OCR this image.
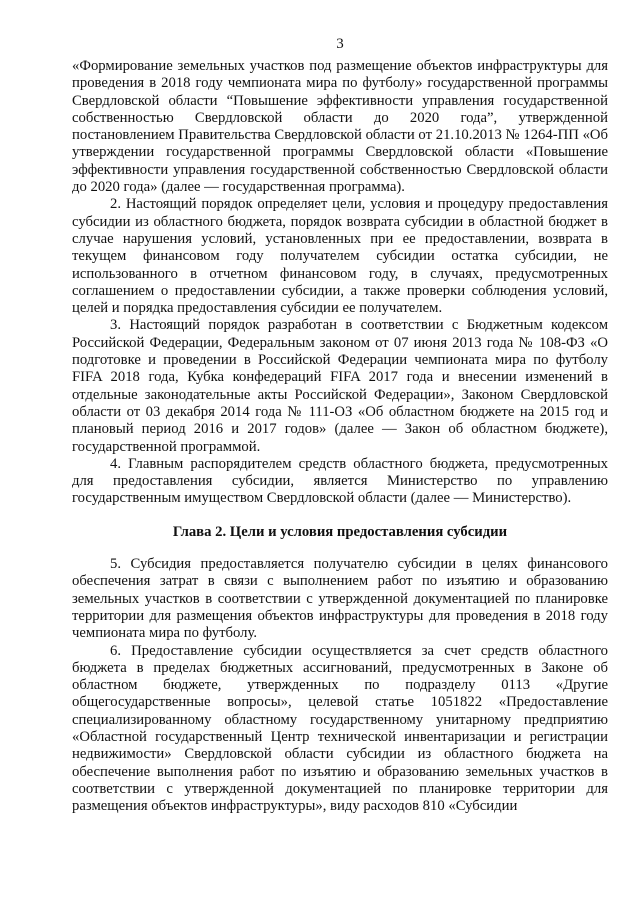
3

«Формирование земельных участков под размещение объектов инфраструктуры для проведения в 2018 году чемпионата мира по футболу» государственной программы Свердловской области “Повышение эффективности управления государственной собственностью Свердловской области до 2020 года”, утвержденной постановлением Правительства Свердловской области от 21.10.2013 № 1264-ПП «Об утверждении государственной программы Свердловской области «Повышение эффективности управления государственной собственностью Свердловской области до 2020 года» (далее — государственная программа).

2. Настоящий порядок определяет цели, условия и процедуру предоставления субсидии из областного бюджета, порядок возврата субсидии в областной бюджет в случае нарушения условий, установленных при ее предоставлении, возврата в текущем финансовом году получателем субсидии остатка субсидии, не использованного в отчетном финансовом году, в случаях, предусмотренных соглашением о предоставлении субсидии, а также проверки соблюдения условий, целей и порядка предоставления субсидии ее получателем.

3. Настоящий порядок разработан в соответствии с Бюджетным кодексом Российской Федерации, Федеральным законом от 07 июня 2013 года № 108-ФЗ «О подготовке и проведении в Российской Федерации чемпионата мира по футболу FIFA 2018 года, Кубка конфедераций FIFA 2017 года и внесении изменений в отдельные законодательные акты Российской Федерации», Законом Свердловской области от 03 декабря 2014 года № 111-ОЗ «Об областном бюджете на 2015 год и плановый период 2016 и 2017 годов» (далее — Закон об областном бюджете), государственной программой.

4. Главным распорядителем средств областного бюджета, предусмотренных для предоставления субсидии, является Министерство по управлению государственным имуществом Свердловской области (далее — Министерство).

Глава 2. Цели и условия предоставления субсидии

5. Субсидия предоставляется получателю субсидии в целях финансового обеспечения затрат в связи с выполнением работ по изъятию и образованию земельных участков в соответствии с утвержденной документацией по планировке территории для размещения объектов инфраструктуры для проведения в 2018 году чемпионата мира по футболу.

6. Предоставление субсидии осуществляется за счет средств областного бюджета в пределах бюджетных ассигнований, предусмотренных в Законе об областном бюджете, утвержденных по подразделу 0113 «Другие общегосударственные вопросы», целевой статье 1051822 «Предоставление специализированному областному государственному унитарному предприятию «Областной государственный Центр технической инвентаризации и регистрации недвижимости» Свердловской области субсидии из областного бюджета на обеспечение выполнения работ по изъятию и образованию земельных участков в соответствии с утвержденной документацией по планировке территории для размещения объектов инфраструктуры», виду расходов 810 «Субсидии
